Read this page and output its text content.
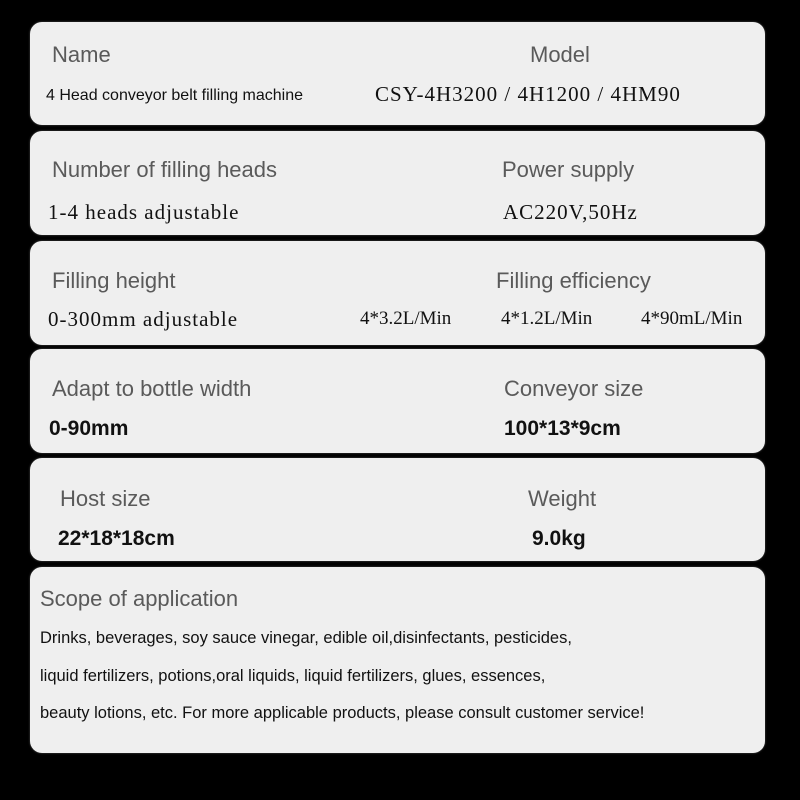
Name	Model
4 Head conveyor belt filling machine	CSY-4H3200 / 4H1200 / 4HM90
Number of filling heads	Power supply
1-4 heads adjustable	AC220V,50Hz
Filling height	Filling efficiency
0-300mm adjustable	4*3.2L/Min	4*1.2L/Min	4*90mL/Min
Adapt to bottle width	Conveyor size
0-90mm	100*13*9cm
Host size	Weight
22*18*18cm	9.0kg
Scope of application
Drinks, beverages, soy sauce vinegar, edible oil,disinfectants, pesticides,
liquid fertilizers, potions,oral liquids, liquid fertilizers, glues, essences,
beauty lotions, etc. For more applicable products, please consult customer service!
